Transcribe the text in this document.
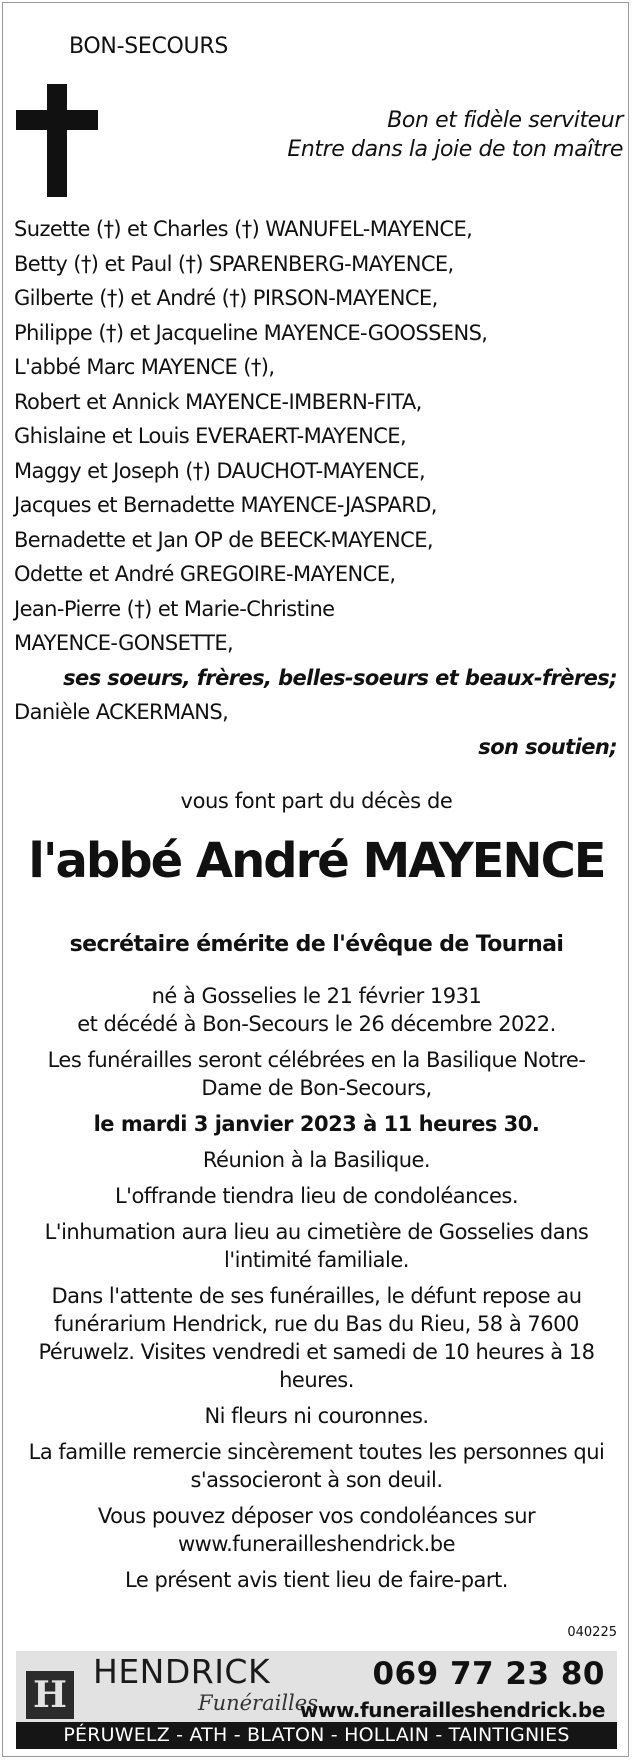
BON-SECOURS
Bon et fidèle serviteur
Entre dans la joie de ton maître
Suzette (†) et Charles (†) WANUFEL-MAYENCE,
Betty (†) et Paul (†) SPARENBERG-MAYENCE,
Gilberte (†) et André (†) PIRSON-MAYENCE,
Philippe (†) et Jacqueline MAYENCE-GOOSSENS,
L'abbé Marc MAYENCE (†),
Robert et Annick MAYENCE-IMBERN-FITA,
Ghislaine et Louis EVERAERT-MAYENCE,
Maggy et Joseph (†) DAUCHOT-MAYENCE,
Jacques et Bernadette MAYENCE-JASPARD,
Bernadette et Jan OP de BEECK-MAYENCE,
Odette et André GREGOIRE-MAYENCE,
Jean-Pierre (†) et Marie-Christine
MAYENCE-GONSETTE,
ses soeurs, frères, belles-soeurs et beaux-frères;
Danièle ACKERMANS,
son soutien;
vous font part du décès de
l'abbé André MAYENCE
secrétaire émérite de l'évêque de Tournai
né à Gosselies le 21 février 1931
et décédé à Bon-Secours le 26 décembre 2022.
Les funérailles seront célébrées en la Basilique Notre-Dame de Bon-Secours,
le mardi 3 janvier 2023 à 11 heures 30.
Réunion à la Basilique.
L'offrande tiendra lieu de condoléances.
L'inhumation aura lieu au cimetière de Gosselies dans l'intimité familiale.
Dans l'attente de ses funérailles, le défunt repose au funérarium Hendrick, rue du Bas du Rieu, 58 à 7600 Péruwelz. Visites vendredi et samedi de 10 heures à 18 heures.
Ni fleurs ni couronnes.
La famille remercie sincèrement toutes les personnes qui s'associeront à son deuil.
Vous pouvez déposer vos condoléances sur www.funerailleshendrick.be
Le présent avis tient lieu de faire-part.
040225
H
HENDRICK
Funérailles
069 77 23 80
www.funerailleshendrick.be
PÉRUWELZ - ATH - BLATON - HOLLAIN - TAINTIGNIES
